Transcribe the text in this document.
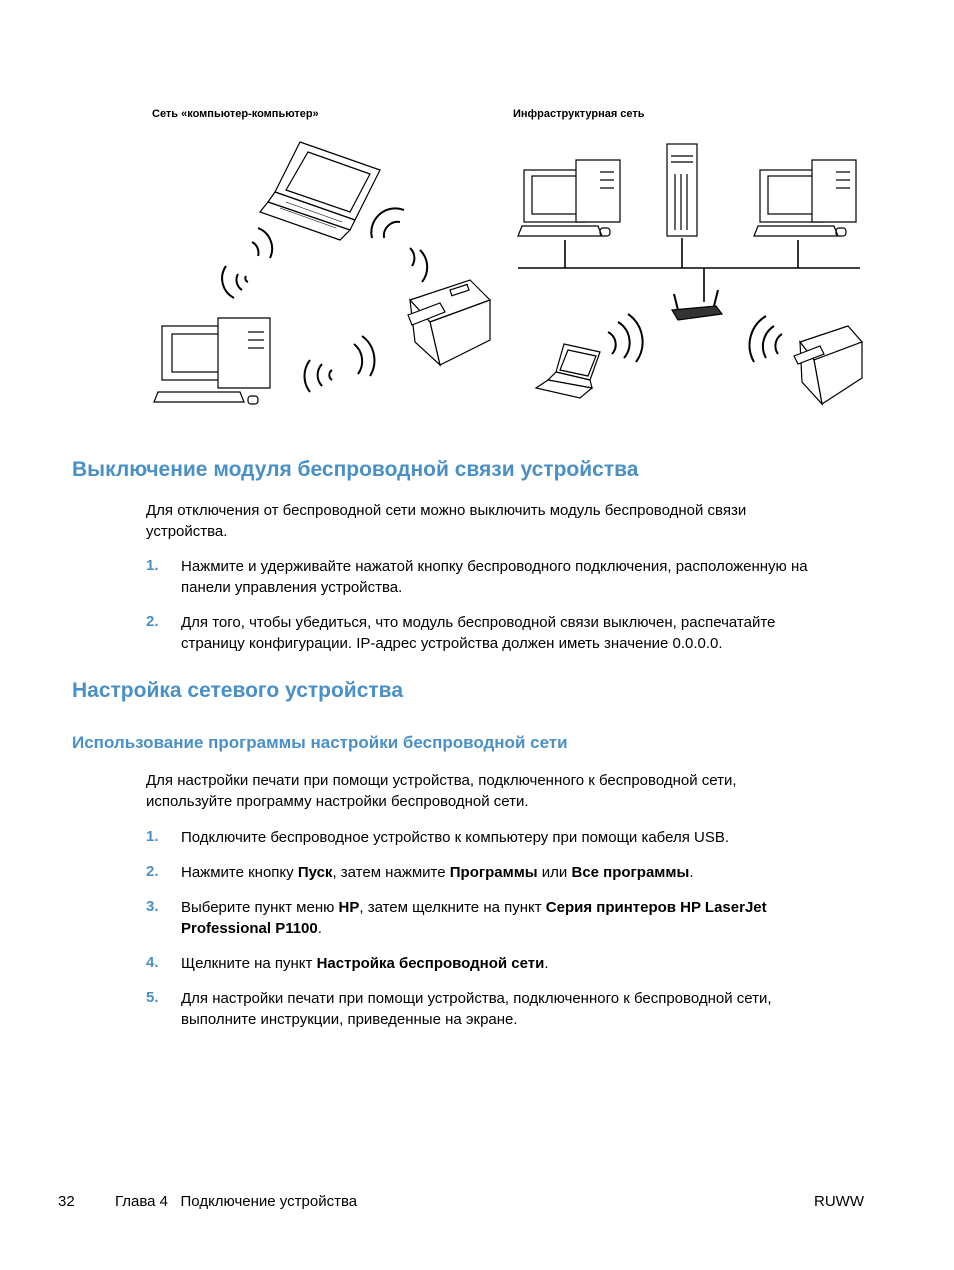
Сеть «компьютер-компьютер»	Инфраструктурная сеть
Выключение модуля беспроводной связи устройства
Для отключения от беспроводной сети можно выключить модуль беспроводной связи
устройства.
1. Нажмите и удерживайте нажатой кнопку беспроводного подключения, расположенную на
панели управления устройства.
2. Для того, чтобы убедиться, что модуль беспроводной связи выключен, распечатайте
страницу конфигурации. IP-адрес устройства должен иметь значение 0.0.0.0.
Настройка сетевого устройства
Использование программы настройки беспроводной сети
Для настройки печати при помощи устройства, подключенного к беспроводной сети,
используйте программу настройки беспроводной сети.
1. Подключите беспроводное устройство к компьютеру при помощи кабеля USB.
2. Нажмите кнопку Пуск, затем нажмите Программы или Все программы.
3. Выберите пункт меню HP, затем щелкните на пункт Серия принтеров HP LaserJet
Professional P1100.
4. Щелкните на пункт Настройка беспроводной сети.
5. Для настройки печати при помощи устройства, подключенного к беспроводной сети,
выполните инструкции, приведенные на экране.
32	Глава 4   Подключение устройства	RUWW
